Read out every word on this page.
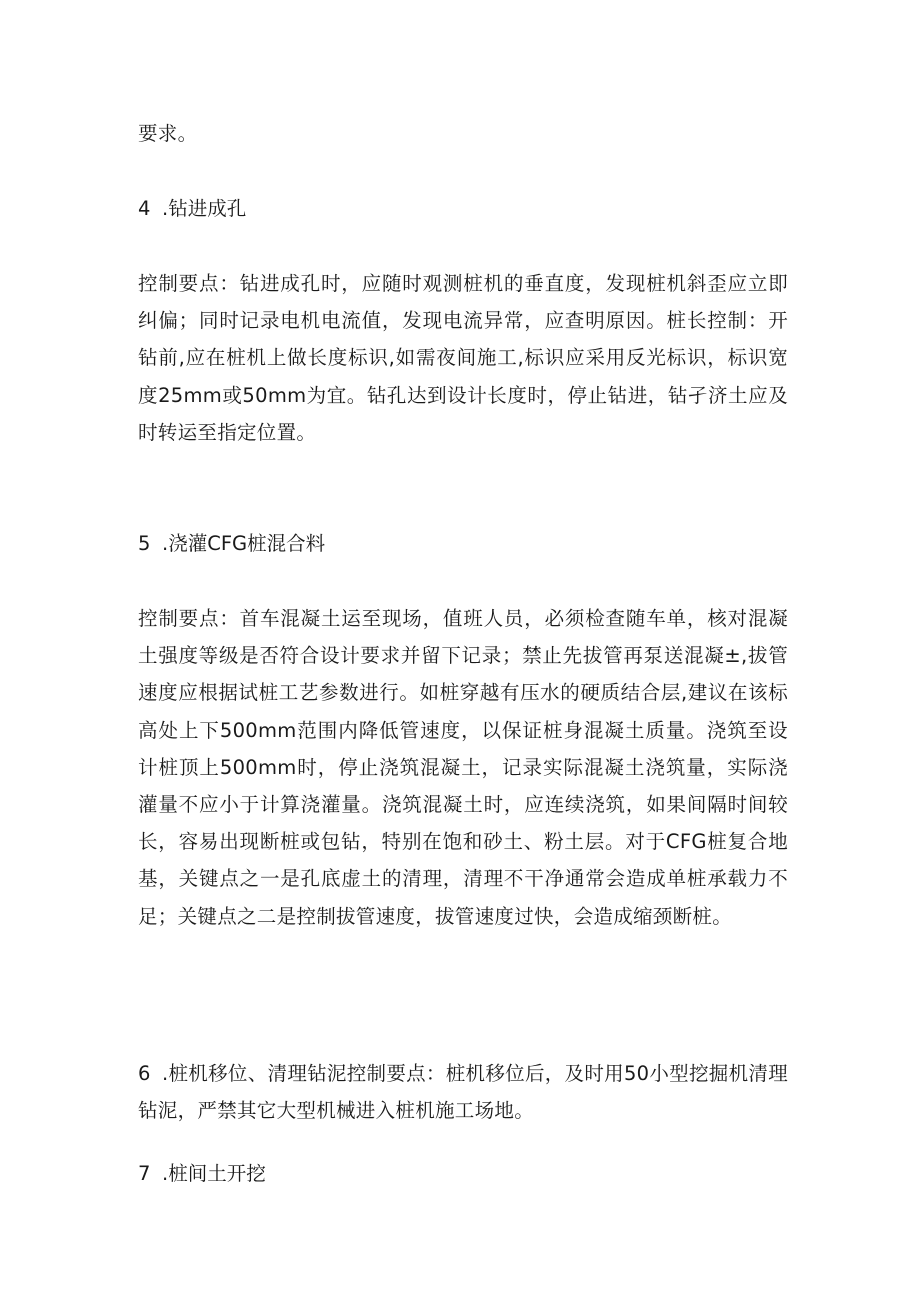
要求。

4 .钻进成孔

控制要点：钻进成孔时，应随时观测桩机的垂直度，发现桩机斜歪应立即纠偏；同时记录电机电流值，发现电流异常，应查明原因。桩长控制：开钻前,应在桩机上做长度标识,如需夜间施工,标识应采用反光标识，标识宽度25mm或50mm为宜。钻孔达到设计长度时，停止钻进，钻孑济土应及时转运至指定位置。

5 .浇灌CFG桩混合料

控制要点：首车混凝土运至现场，值班人员，必须检查随车单，核对混凝土强度等级是否符合设计要求并留下记录；禁止先拔管再泵送混凝±,拔管速度应根据试桩工艺参数进行。如桩穿越有压水的硬质结合层,建议在该标高处上下500mm范围内降低管速度，以保证桩身混凝土质量。浇筑至设计桩顶上500mm时，停止浇筑混凝土，记录实际混凝土浇筑量，实际浇灌量不应小于计算浇灌量。浇筑混凝土时，应连续浇筑，如果间隔时间较长，容易出现断桩或包钻，特别在饱和砂土、粉土层。对于CFG桩复合地基，关键点之一是孔底虚土的清理，清理不干净通常会造成单桩承载力不足；关键点之二是控制拔管速度，拔管速度过快，会造成缩颈断桩。

6 .桩机移位、清理钻泥控制要点：桩机移位后，及时用50小型挖掘机清理钻泥，严禁其它大型机械进入桩机施工场地。

7 .桩间土开挖
